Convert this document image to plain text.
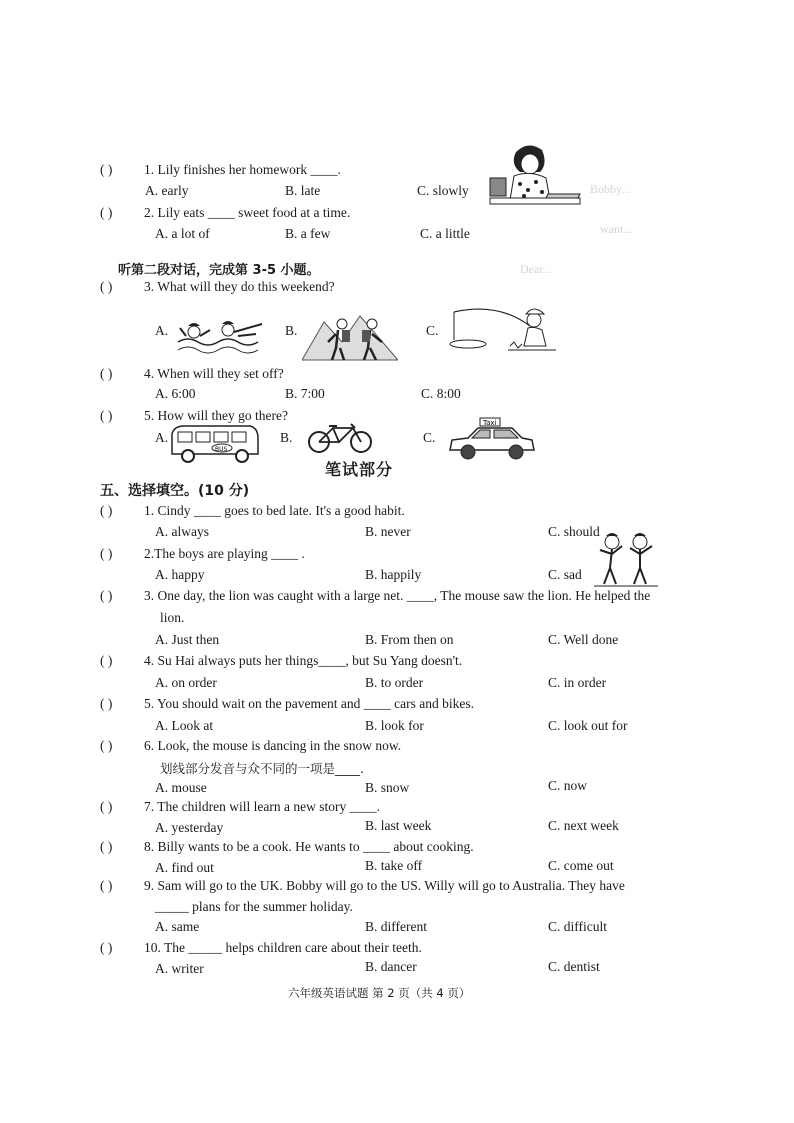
Bobby...
want...
Dear...
( ) 1. Lily finishes her homework ____.
A. early	B. late	C. slowly
( ) 2. Lily eats ____ sweet food at a time.
A. a lot of	B. a few	C. a little
听第二段对话，完成第 3-5 小题。
( ) 3. What will they do this weekend?
A.	B.	C.
( ) 4. When will they set off?
A. 6:00	B. 7:00	C. 8:00
( ) 5. How will they go there?
A.
BUS
B.	C.
Taxi
笔试部分
五、选择填空。(10 分)
( ) 1. Cindy ____ goes to bed late. It's a good habit.
A. always	B. never	C. should
( ) 2.The boys are playing ____ .
A. happy	B. happily	C. sad
( ) 3. One day, the lion was caught with a large net. ____, The mouse saw the lion. He helped the
lion.
A. Just then	B. From then on	C. Well done
( ) 4. Su Hai always puts her things____, but Su Yang doesn't.
A. on order	B. to order	C. in order
( ) 5. You should wait on the pavement and ____ cars and bikes.
A. Look at	B. look for	C. look out for
( ) 6. Look, the mouse is dancing in the snow now.
划线部分发音与众不同的一项是____.
A. mouse	B. snow	C. now
( ) 7. The children will learn a new story ____.
A. yesterday	B. last week	C. next week
( ) 8. Billy wants to be a cook. He wants to ____ about cooking.
A. find out	B. take off	C. come out
( ) 9. Sam will go to the UK. Bobby will go to the US. Willy will go to Australia. They have
_____ plans for the summer holiday.
A. same	B. different	C. difficult
( ) 10. The _____ helps children care about their teeth.
A. writer	B. dancer	C. dentist
六年级英语试题 第 2 页（共 4 页）
